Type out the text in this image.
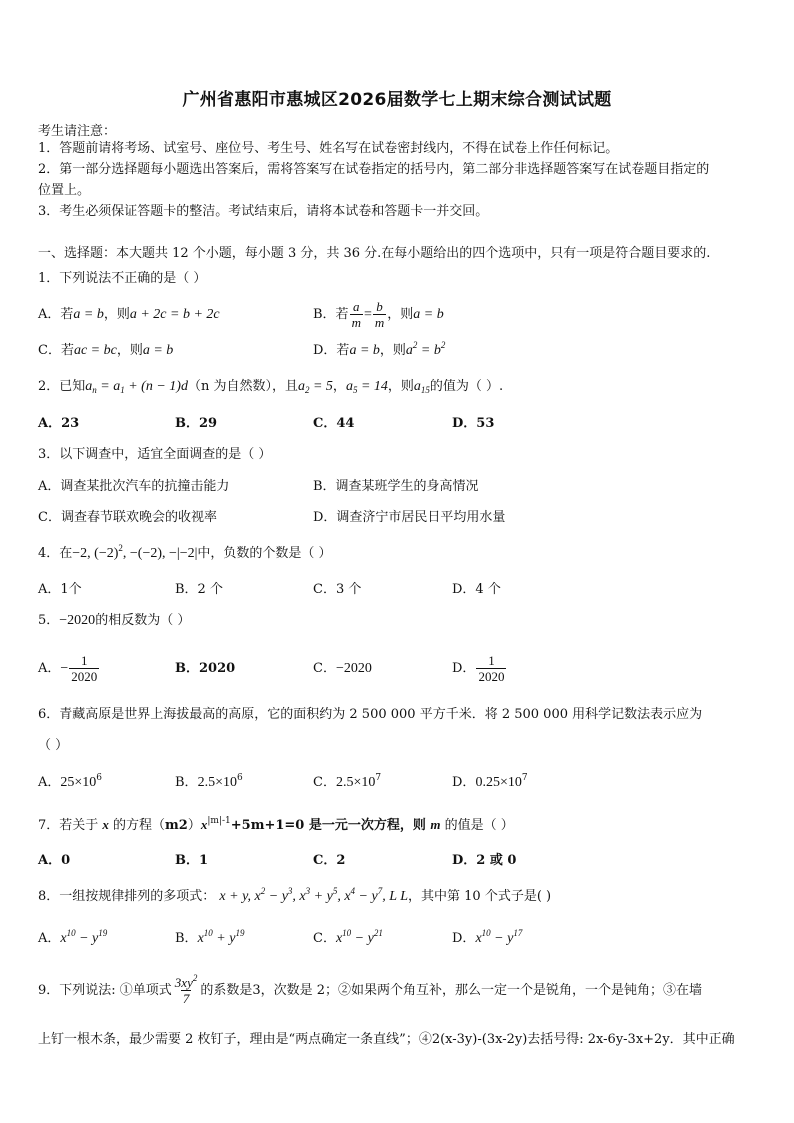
广州省惠阳市惠城区2026届数学七上期末综合测试试题
考生请注意：
1．答题前请将考场、试室号、座位号、考生号、姓名写在试卷密封线内，不得在试卷上作任何标记。
2．第一部分选择题每小题选出答案后，需将答案写在试卷指定的括号内，第二部分非选择题答案写在试卷题目指定的
位置上。
3．考生必须保证答题卡的整洁。考试结束后，请将本试卷和答题卡一并交回。
一、选择题：本大题共 12 个小题，每小题 3 分，共 36 分.在每小题给出的四个选项中，只有一项是符合题目要求的.
1．下列说法不正确的是（ ）
A．若a = b，则a + 2c = b + 2c	B．若 $\frac{a}{m} = \frac{b}{m}$ ，则a = b
C．若ac = bc，则a = b	D．若a = b，则$a^2 = b^2$
2．已知$a_n = a_1 + (n - 1)d(n$ 为自然数），且$a_2 = 5$，$a_5 = 14$，则$a_{15}$的值为（ ）.
A．23	B．29	C．44	D．53
3．以下调查中，适宜全面调查的是（ ）
A．调查某批次汽车的抗撞击能力	B．调查某班学生的身高情况
C．调查春节联欢晚会的收视率	D．调查济宁市居民日平均用水量
4．在−2, $(-2)^2$, −(−2), −|−2|中，负数的个数是（ ）
A．1个	B．2 个	C．3 个	D．4 个
5．−2020的相反数为（ ）
A．− $\frac{1}{2020}$	B．2020	C．−2020	D． $\frac{1}{2020}$
6．青藏高原是世界上海拔最高的高原，它的面积约为 2 500 000 平方千米．将 2 500 000 用科学记数法表示应为
（ ）
A．$25\times 10^6$	B．$2.5\times 10^6$	C．$2.5\times 10^7$	D．$0.25\times 10^7$
7．若关于 x 的方程$(m2)x^{|m|-1}+5m+1=0$ 是一元一次方程，则 m 的值是（ ）
A．0	B．1	C．2	D．2 或 0
8．一组按规律排列的多项式： x + y, $x^2 - y^3$, $x^3 + y^5$, $x^4 - y^7$, L L，其中第 10 个式子是( )
A．$x^{10} - y^{19}$	B．$x^{10} + y^{19}$	C．$x^{10} - y^{21}$	D．$x^{10} - y^{17}$
9．下列说法: ①单项式 $\frac{3xy^2}{7}$ 的系数是3，次数是 2；②如果两个角互补，那么一定一个是锐角，一个是钝角；③在墙
上钉一根木条，最少需要 2 枚钉子，理由是“两点确定一条直线”；④2(x-3y)-(3x-2y)去括号得: 2x-6y-3x+2y．其中正确
